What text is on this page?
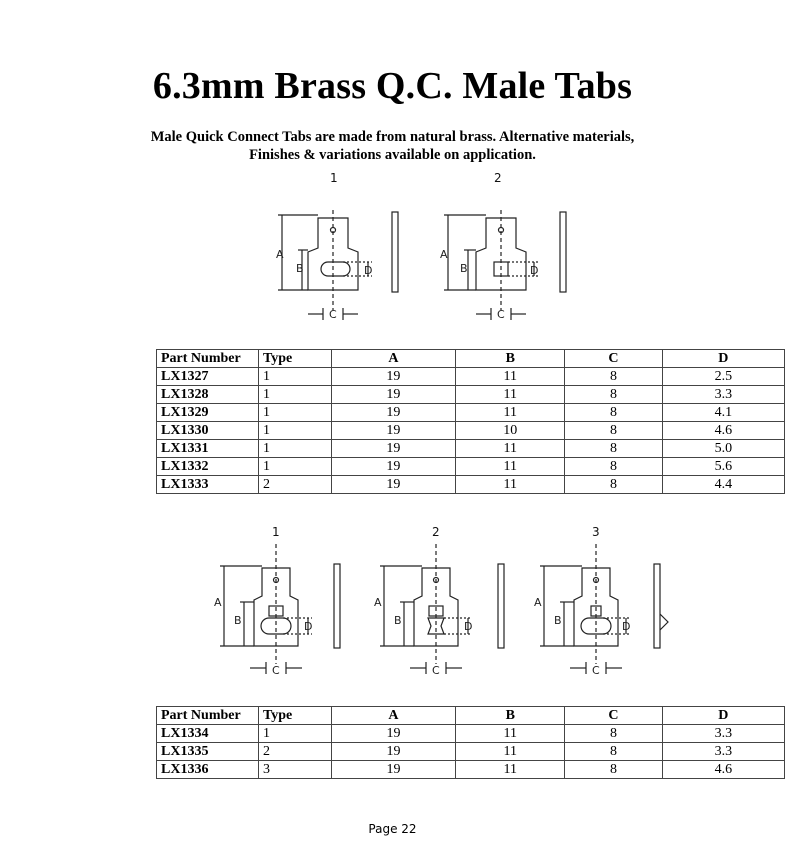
6.3mm Brass Q.C. Male Tabs
Male Quick Connect Tabs are made from natural brass. Alternative materials,
Finishes & variations available on application.
1	2
A
B	D
C
A
B	D
C
Part Number	Type	A	B	C	D
LX1327	1	19	11	8	2.5
LX1328	1	19	11	8	3.3
LX1329	1	19	11	8	4.1
LX1330	1	19	10	8	4.6
LX1331	1	19	11	8	5.0
LX1332	1	19	11	8	5.6
LX1333	2	19	11	8	4.4
1	2	3
A
B	D
C
A
B	D
C
A
B	D
C
Part Number	Type	A	B	C	D
LX1334	1	19	11	8	3.3
LX1335	2	19	11	8	3.3
LX1336	3	19	11	8	4.6
Page 22
